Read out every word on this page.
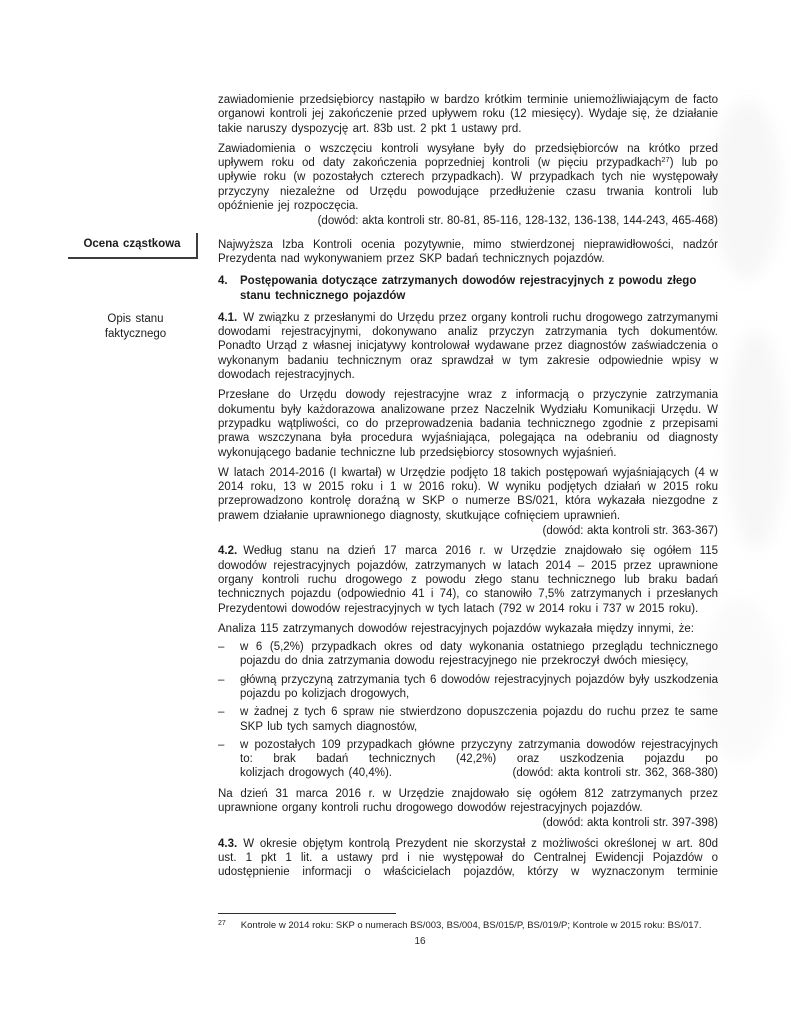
zawiadomienie przedsiębiorcy nastąpiło w bardzo krótkim terminie uniemożliwiającym de facto organowi kontroli jej zakończenie przed upływem roku (12 miesięcy). Wydaje się, że działanie takie naruszy dyspozycję art. 83b ust. 2 pkt 1 ustawy prd.
Zawiadomienia o wszczęciu kontroli wysyłane były do przedsiębiorców na krótko przed upływem roku od daty zakończenia poprzedniej kontroli (w pięciu przypadkach$^{27}$) lub po upływie roku (w pozostałych czterech przypadkach). W przypadkach tych nie występowały przyczyny niezależne od Urzędu powodujące przedłużenie czasu trwania kontroli lub opóźnienie jej rozpoczęcia.
(dowód: akta kontroli str. 80-81, 85-116, 128-132, 136-138, 144-243, 465-468)
Ocena cząstkowa	Najwyższa Izba Kontroli ocenia pozytywnie, mimo stwierdzonej nieprawidłowości, nadzór Prezydenta nad wykonywaniem przez SKP badań technicznych pojazdów.
4.	Postępowania dotyczące zatrzymanych dowodów rejestracyjnych z powodu złego stanu technicznego pojazdów
Opis stanu
faktycznego
4.1. W związku z przesłanymi do Urzędu przez organy kontroli ruchu drogowego zatrzymanymi dowodami rejestracyjnymi, dokonywano analiz przyczyn zatrzymania tych dokumentów. Ponadto Urząd z własnej inicjatywy kontrolował wydawane przez diagnostów zaświadczenia o wykonanym badaniu technicznym oraz sprawdzał w tym zakresie odpowiednie wpisy w dowodach rejestracyjnych.
Przesłane do Urzędu dowody rejestracyjne wraz z informacją o przyczynie zatrzymania dokumentu były każdorazowa analizowane przez Naczelnik Wydziału Komunikacji Urzędu. W przypadku wątpliwości, co do przeprowadzenia badania technicznego zgodnie z przepisami prawa wszczynana była procedura wyjaśniająca, polegająca na odebraniu od diagnosty wykonującego badanie techniczne lub przedsiębiorcy stosownych wyjaśnień.
W latach 2014-2016 (I kwartał) w Urzędzie podjęto 18 takich postępowań wyjaśniających (4 w 2014 roku, 13 w 2015 roku i 1 w 2016 roku). W wyniku podjętych działań w 2015 roku przeprowadzono kontrolę doraźną w SKP o numerze BS/021, która wykazała niezgodne z prawem działanie uprawnionego diagnosty, skutkujące cofnięciem uprawnień.
(dowód: akta kontroli str. 363-367)
4.2. Według stanu na dzień 17 marca 2016 r. w Urzędzie znajdowało się ogółem 115 dowodów rejestracyjnych pojazdów, zatrzymanych w latach 2014 – 2015 przez uprawnione organy kontroli ruchu drogowego z powodu złego stanu technicznego lub braku badań technicznych pojazdu (odpowiednio 41 i 74), co stanowiło 7,5% zatrzymanych i przesłanych Prezydentowi dowodów rejestracyjnych w tych latach (792 w 2014 roku i 737 w 2015 roku).
Analiza 115 zatrzymanych dowodów rejestracyjnych pojazdów wykazała między innymi, że:
–	w 6 (5,2%) przypadkach okres od daty wykonania ostatniego przeglądu technicznego pojazdu do dnia zatrzymania dowodu rejestracyjnego nie przekroczył dwóch miesięcy,
–	główną przyczyną zatrzymania tych 6 dowodów rejestracyjnych pojazdów były uszkodzenia pojazdu po kolizjach drogowych,
–	w żadnej z tych 6 spraw nie stwierdzono dopuszczenia pojazdu do ruchu przez te same SKP lub tych samych diagnostów,
–	w pozostałych 109 przypadkach główne przyczyny zatrzymania dowodów rejestracyjnych to: brak badań technicznych (42,2%) oraz uszkodzenia pojazdu po
kolizjach drogowych (40,4%).	(dowód: akta kontroli str. 362, 368-380)
Na dzień 31 marca 2016 r. w Urzędzie znajdowało się ogółem 812 zatrzymanych przez uprawnione organy kontroli ruchu drogowego dowodów rejestracyjnych pojazdów.
(dowód: akta kontroli str. 397-398)
4.3. W okresie objętym kontrolą Prezydent nie skorzystał z możliwości określonej w art. 80d ust. 1 pkt 1 lit. a ustawy prd i nie występował do Centralnej Ewidencji Pojazdów o udostępnienie informacji o właścicielach pojazdów, którzy w wyznaczonym terminie
$^{27}$ Kontrole w 2014 roku: SKP o numerach BS/003, BS/004, BS/015/P, BS/019/P; Kontrole w 2015 roku: BS/017.
16
